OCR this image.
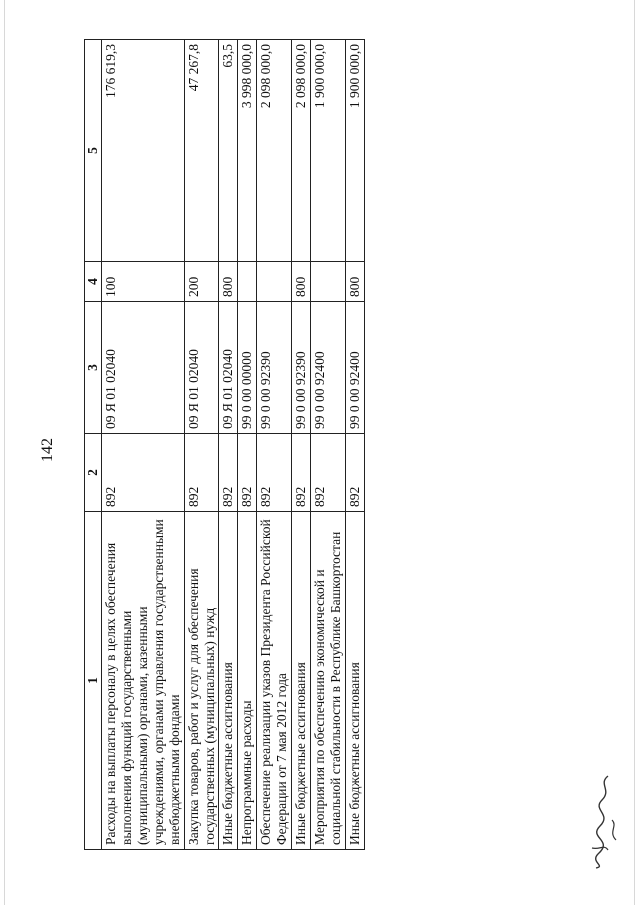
142
1	2	3	4	5
Расходы на выплаты персоналу в целях обеспечения выполнения функций государственными (муниципальными) органами, казенными учреждениями, органами управления государственными внебюджетными фондами	892	09 Я 01 02040	100	176 619,3
Закупка товаров, работ и услуг для обеспечения государственных (муниципальных) нужд	892	09 Я 01 02040	200	47 267,8
Иные бюджетные ассигнования	892	09 Я 01 02040	800	63,5
Непрограммные расходы	892	99 0 00 00000		3 998 000,0
Обеспечение реализации указов Президента Российской Федерации от 7 мая 2012 года	892	99 0 00 92390		2 098 000,0
Иные бюджетные ассигнования	892	99 0 00 92390	800	2 098 000,0
Мероприятия по обеспечению экономической и социальной стабильности в Республике Башкортостан	892	99 0 00 92400		1 900 000,0
Иные бюджетные ассигнования	892	99 0 00 92400	800	1 900 000,0
